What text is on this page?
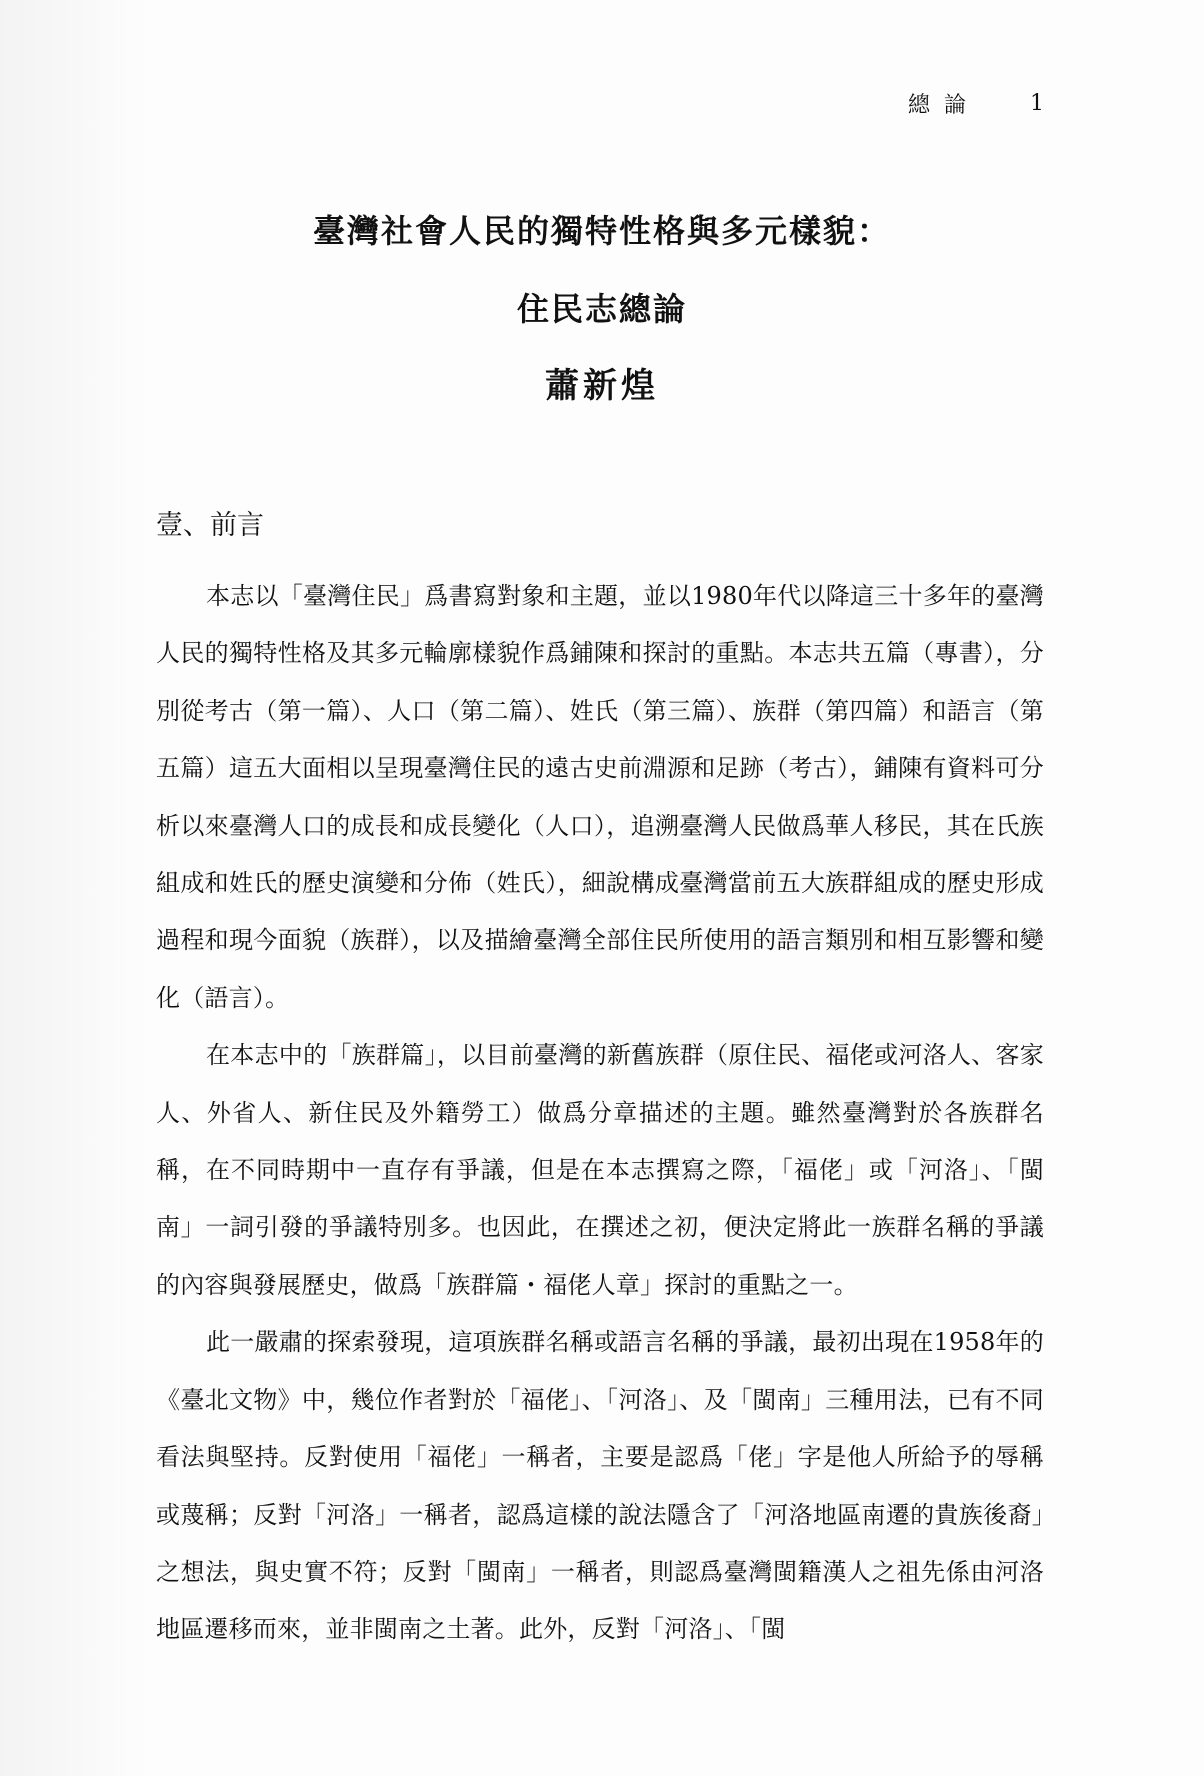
總論 1
臺灣社會人民的獨特性格與多元樣貌：
住民志總論
蕭新煌
壹、前言

本志以「臺灣住民」爲書寫對象和主題，並以1980年代以降這三十多年的臺灣人民的獨特性格及其多元輪廓樣貌作爲鋪陳和探討的重點。本志共五篇（專書），分別從考古（第一篇）、人口（第二篇）、姓氏（第三篇）、族群（第四篇）和語言（第五篇）這五大面相以呈現臺灣住民的遠古史前淵源和足跡（考古），鋪陳有資料可分析以來臺灣人口的成長和成長變化（人口），追溯臺灣人民做爲華人移民，其在氏族組成和姓氏的歷史演變和分佈（姓氏），細說構成臺灣當前五大族群組成的歷史形成過程和現今面貌（族群），以及描繪臺灣全部住民所使用的語言類別和相互影響和變化（語言）。

在本志中的「族群篇」，以目前臺灣的新舊族群（原住民、福佬或河洛人、客家人、外省人、新住民及外籍勞工）做爲分章描述的主題。雖然臺灣對於各族群名稱，在不同時期中一直存有爭議，但是在本志撰寫之際，「福佬」或「河洛」、「閩南」一詞引發的爭議特別多。也因此，在撰述之初，便決定將此一族群名稱的爭議的內容與發展歷史，做爲「族群篇・福佬人章」探討的重點之一。

此一嚴肅的探索發現，這項族群名稱或語言名稱的爭議，最初出現在1958年的《臺北文物》中，幾位作者對於「福佬」、「河洛」、及「閩南」三種用法，已有不同看法與堅持。反對使用「福佬」一稱者，主要是認爲「佬」字是他人所給予的辱稱或蔑稱；反對「河洛」一稱者，認爲這樣的說法隱含了「河洛地區南遷的貴族後裔」之想法，與史實不符；反對「閩南」一稱者，則認爲臺灣閩籍漢人之祖先係由河洛地區遷移而來，並非閩南之土著。此外，反對「河洛」、「閩
